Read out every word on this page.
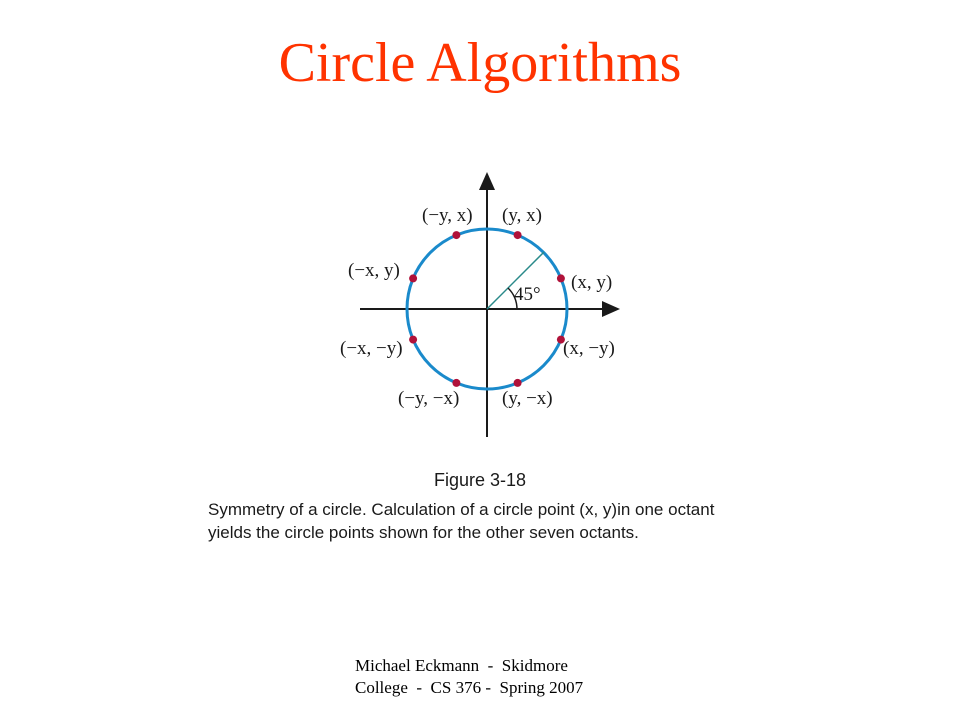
Circle Algorithms
45°
(−y, x) (y, x)
(−x, y)
(x, y)
(−x, −y)	(x, −y)
(−y, −x) (y, −x)
Figure 3-18
Symmetry of a circle. Calculation of a circle point (x, y)in one octant
yields the circle points shown for the other seven octants.
Michael Eckmann  -  Skidmore
College  -  CS 376 -  Spring 2007
